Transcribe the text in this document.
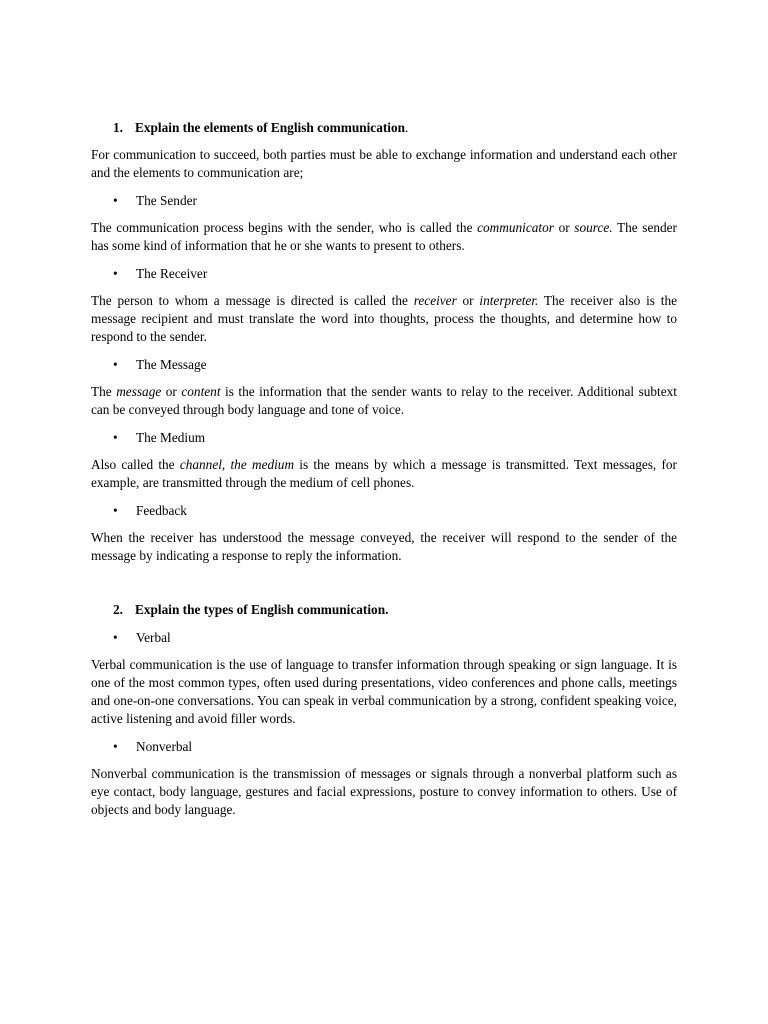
1. Explain the elements of English communication.

For communication to succeed, both parties must be able to exchange information and understand each other and the elements to communication are;

• The Sender

The communication process begins with the sender, who is called the communicator or source. The sender has some kind of information that he or she wants to present to others.

• The Receiver

The person to whom a message is directed is called the receiver or interpreter. The receiver also is the message recipient and must translate the word into thoughts, process the thoughts, and determine how to respond to the sender.

• The Message

The message or content is the information that the sender wants to relay to the receiver. Additional subtext can be conveyed through body language and tone of voice.

• The Medium

Also called the channel, the medium is the means by which a message is transmitted. Text messages, for example, are transmitted through the medium of cell phones.

• Feedback

When the receiver has understood the message conveyed, the receiver will respond to the sender of the message by indicating a response to reply the information.

2. Explain the types of English communication.
• Verbal

Verbal communication is the use of language to transfer information through speaking or sign language. It is one of the most common types, often used during presentations, video conferences and phone calls, meetings and one-on-one conversations. You can speak in verbal communication by a strong, confident speaking voice, active listening and avoid filler words.

• Nonverbal

Nonverbal communication is the transmission of messages or signals through a nonverbal platform such as eye contact, body language, gestures and facial expressions, posture to convey information to others. Use of objects and body language.
